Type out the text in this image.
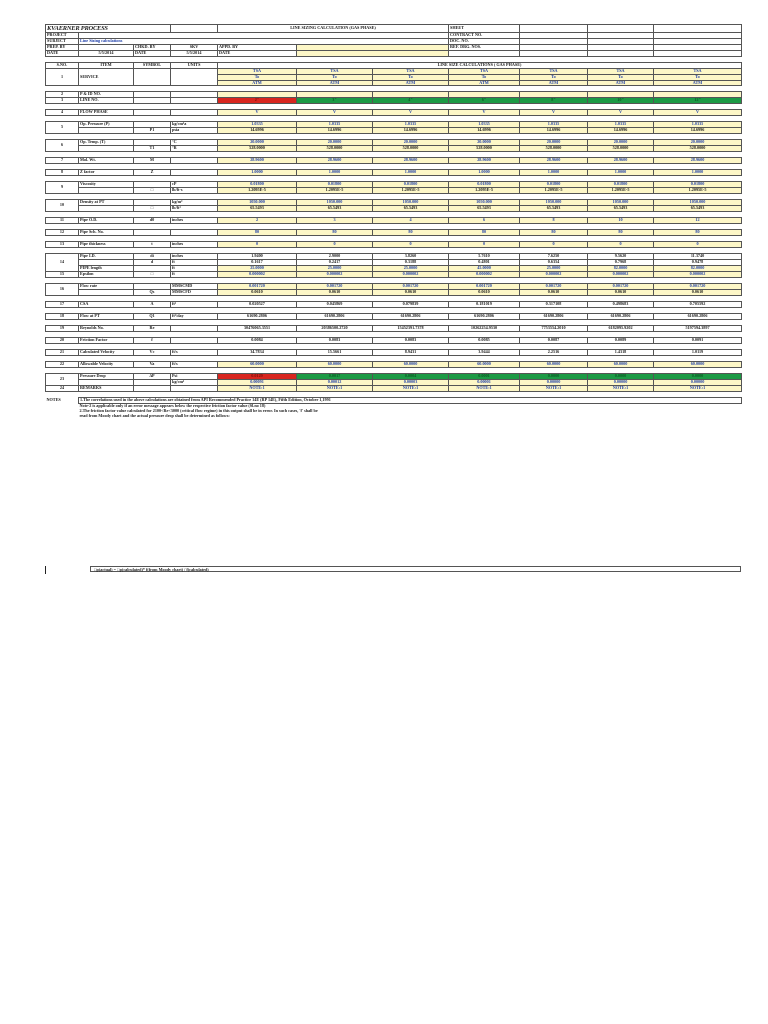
KVAERNER PROCESS				LINE SIZING CALCULATION (GAS PHASE)			SHEET			
PROJECT							CONTRACT NO.			
SUBJECT	Line Sizing calculations						DOC. NO.			
PREP. BY		CHKD. BY	SKV	APPD. BY			REF. DRG. NOS.			
DATE	5/5/2014	DATE	5/5/2014	DATE						

S.NO.	ITEM	SYMBOL	UNITS	LINE SIZE CALCULATIONS ( GAS PHASE)						
1	SERVICE			TSA	TSA	TSA	TSA	TSA	TSA	TSA
				To	To	To	To	To	To	To
				ATM	ATM	ATM	ATM	ATM	ATM	ATM

2	P & ID NO.									
3	LINE NO.			2"	3"	4"	6"	8"	10"	12"

4	FLOW PHASE			V	V	V	V	V	V	V

5	Op. Pressure (P)		kg/cm²a	1.0335	1.0335	1.0335	1.0335	1.0335	1.0335	1.0335
		P1	psia	14.6996	14.6996	14.6996	14.6996	14.6996	14.6996	14.6996

6	Op. Temp. (T)		°C	20.0000	20.0000	20.0000	20.0000	20.0000	20.0000	20.0000
		T1	°R	528.0000	528.0000	528.0000	528.0000	528.0000	528.0000	528.0000

7	Mol. Wt.	M		28.9600	28.9600	28.9600	28.9600	28.9600	28.9600	28.9600

8	Z factor	Z		1.0000	1.0000	1.0000	1.0000	1.0000	1.0000	1.0000

9	Viscosity		cP	0.01800	0.01800	0.01800	0.01800	0.01800	0.01800	0.01800
		□	lb/ft-s	1.2095E-5	1.2095E-5	1.2095E-5	1.2095E-5	1.2095E-5	1.2095E-5	1.2095E-5

10	Density at PT		kg/m³	1050.000	1050.000	1050.000	1050.000	1050.000	1050.000	1050.000
		□	lb/ft³	65.5493	65.5493	65.5493	65.5493	65.5493	65.5493	65.5493

11	Pipe O.D.	d0	inches	2	3	4	6	8	10	12

12	Pipe Sch. No.			80	80	80	80	80	80	80

13	Pipe thickness	t	inches	0	0	0	0	0	0	0

14	Pipe I.D.	di	inches	1.9400	2.9000	3.8260	5.7610	7.6250	9.5620	11.3740
		d	ft	0.1617	0.2417	0.3188	0.4801	0.6354	0.7968	0.9478
	PIPE length		ft	25.0000	25.0000	25.0000	45.0000	25.0000	82.0000	82.0000
15	Epsilon	□	ft	0.000002	0.000002	0.000002	0.000002	0.000002	0.000002	0.000002

16	Flow rate		MMSCMD	0.001720	0.001720	0.001720	0.001720	0.001720	0.001720	0.001720
		Qs	MMSCFD	0.0610	0.0610	0.0610	0.0610	0.0610	0.0610	0.0610

17	CSA	A	ft²	0.020527	0.045869	0.079839	0.181019	0.317108	0.498683	0.705592

18	Flow at PT	Q1	ft³/day	61690.2806	61690.2806	61690.2806	61690.2806	61690.2806	61690.2806	61690.2806

19	Reynolds No.	Re		30476065.3551	20386500.2720	15452391.7378	10262254.9530	7753554.2010	6182095.9202	5197594.3897

20	Friction Factor	f		0.0084	0.0083	0.0083	0.0085	0.0087	0.0089	0.0091

21	Calculated Velocity	Vc	ft/s	34.7834	15.5661	8.9431	3.9444	2.2516	1.4318	1.0119

22	Allowable Velocity	Va	ft/s	60.0000	60.0000	60.0000	60.0000	60.0000	60.0000	60.0000

23	Pressure Drop	∆P	Psi	0.0129	0.0017	0.0004	0.0001	0.0000	0.0000	0.0000
			kg/cm²	0.00091	0.00012	0.00003	0.00001	0.00000	0.00000	0.00000
24	REMARKS			NOTE:1	NOTE:1	NOTE:1	NOTE:1	NOTE:1	NOTE:1	NOTE:1

NOTES	1.The correlations used in the above calculations are obtained from API Recommended Practice 14E (RP 14E), Fifth Edition, October 1,1991									
	Note-2 is applicable only if an error message appears below the respective friction factor value (Sl.no 18)									
	2.The friction factor value calculated for 2100<Re<3000 (critical flow regime) in this output shall be in error. In such cases, 'f' shall be									
	read from Moody chart and the actual pressure drop shall be determined as follows:									
□p(actual) = □p(calculated)* f(from Moody chart) / f(calculated)
